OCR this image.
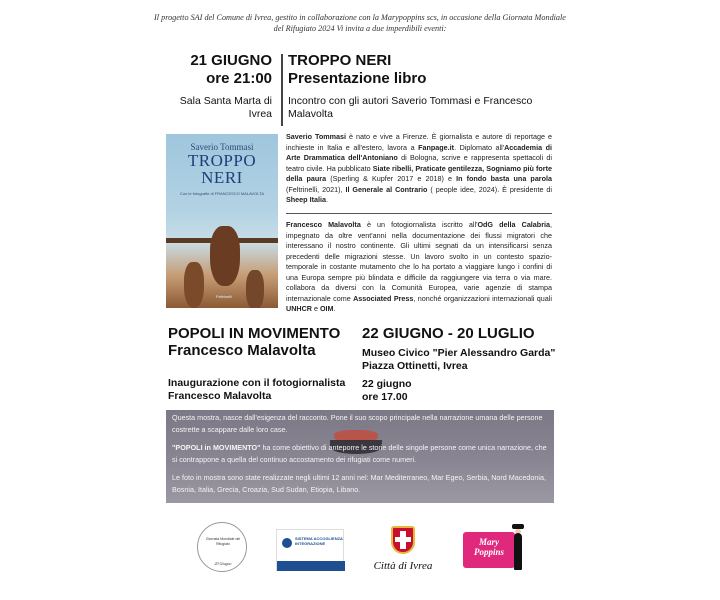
Il progetto SAI del Comune di Ivrea, gestito in collaborazione con la Marypoppins scs, in occasione della Giornata Mondiale del Rifugiato 2024 Vi invita a due imperdibili eventi:
21 GIUGNO
ore 21:00
Sala Santa Marta di Ivrea
TROPPO NERI
Presentazione libro
Incontro con gli autori Saverio Tommasi e Francesco Malavolta
Saverio Tommasi
TROPPO
NERI
Con le fotografie di FRANCESCO MALAVOLTA
Feltrinelli
Saverio Tommasi è nato e vive a Firenze. È giornalista e autore di reportage e inchieste in Italia e all'estero, lavora a Fanpage.it. Diplomato all'Accademia di Arte Drammatica dell'Antoniano di Bologna, scrive e rappresenta spettacoli di teatro civile. Ha pubblicato Siate ribelli, Praticate gentilezza, Sogniamo più forte della paura (Sperling & Kupfer 2017 e 2018) e In fondo basta una parola (Feltrinelli, 2021), Il Generale al Contrario ( people idee, 2024). È presidente di Sheep Italia.
Francesco Malavolta è un fotogiornalista iscritto all'OdG della Calabria, impegnato da oltre vent'anni nella documentazione dei flussi migratori che interessano il nostro continente. Gli ultimi segnati da un intensificarsi senza precedenti delle migrazioni stesse. Un lavoro svolto in un contesto spazio-temporale in costante mutamento che lo ha portato a viaggiare lungo i confini di una Europa sempre più blindata e difficile da raggiungere via terra o via mare. collabora da diversi con la Comunità Europea, varie agenzie di stampa internazionale come Associated Press, nonché organizzazioni internazionali quali UNHCR e OIM.
POPOLI IN MOVIMENTO
Francesco Malavolta
Inaugurazione con il fotogiornalista
Francesco Malavolta
22 GIUGNO - 20 LUGLIO
Museo Civico "Pier Alessandro Garda"
Piazza Ottinetti, Ivrea
22 giugno
ore 17.00

Questa mostra, nasce dall'esigenza del racconto. Pone il suo scopo principale nella narrazione umana delle persone costrette a scappare dalle loro case.

"POPOLI in MOVIMENTO" ha come obiettivo di anteporre le storie delle singole persone come unica narrazione, che si contrappone a quella del continuo accostamento dei rifugiati come numeri.

Le foto in mostra sono state realizzate negli ultimi 12 anni nel: Mar Mediterraneo, Mar Egeo, Serbia, Nord Macedonia, Bosnia, Italia, Grecia, Croazia, Sud Sudan, Etiopia, Libano.

Giornata Mondiale del Rifugiato
20 Giugno
SISTEMA ACCOGLIENZA INTEGRAZIONE
Città di Ivrea
Mary Poppins
